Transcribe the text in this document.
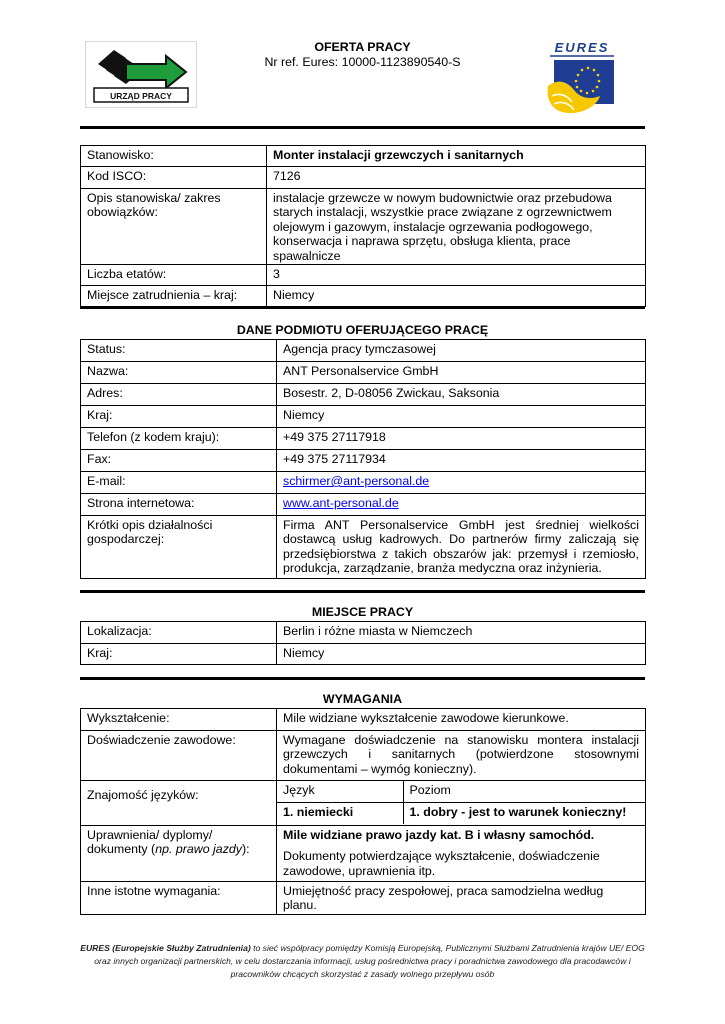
URZĄD PRACY
OFERTA PRACY
Nr ref. Eures: 10000-1123890540-S
EURES
Stanowisko:	Monter instalacji grzewczych i sanitarnych
Kod ISCO:	7126
Opis stanowiska/ zakres obowiązków:	instalacje grzewcze w nowym budownictwie oraz przebudowa starych instalacji, wszystkie prace związane z ogrzewnictwem olejowym i gazowym, instalacje ogrzewania podłogowego, konserwacja i naprawa sprzętu, obsługa klienta, prace spawalnicze
Liczba etatów:	3
Miejsce zatrudnienia – kraj:	Niemcy
DANE PODMIOTU OFERUJĄCEGO PRACĘ
Status:	Agencja pracy tymczasowej
Nazwa:	ANT Personalservice GmbH
Adres:	Bosestr. 2, D-08056 Zwickau, Saksonia
Kraj:	Niemcy
Telefon (z kodem kraju):	+49 375 27117918
Fax:	+49 375 27117934
E-mail:	schirmer@ant-personal.de
Strona internetowa:	www.ant-personal.de
Krótki opis działalności gospodarczej:	Firma ANT Personalservice GmbH jest średniej wielkości dostawcą usług kadrowych. Do partnerów firmy zaliczają się przedsiębiorstwa z takich obszarów jak: przemysł i rzemiosło, produkcja, zarządzanie, branża medyczna oraz inżynieria.
MIEJSCE PRACY
Lokalizacja:	Berlin i różne miasta w Niemczech
Kraj:	Niemcy
WYMAGANIA
Wykształcenie:	Mile widziane wykształcenie zawodowe kierunkowe.
Doświadczenie zawodowe:	Wymagane doświadczenie na stanowisku montera instalacji grzewczych i sanitarnych (potwierdzone stosownymi dokumentami – wymóg konieczny).
Znajomość języków:		Język	Poziom
1. niemiecki	1. dobry - jest to warunek konieczny!

Uprawnienia/ dyplomy/ dokumenty (np. prawo jazdy):	
Mile widziane prawo jazdy kat. B i własny samochód.
Dokumenty potwierdzające wykształcenie, doświadczenie zawodowe, uprawnienia itp.

Inne istotne wymagania:	Umiejętność pracy zespołowej, praca samodzielna według planu.
EURES (Europejskie Służby Zatrudnienia) to sieć współpracy pomiędzy Komisją Europejską, Publicznymi Służbami Zatrudnienia krajów UE/ EOG
oraz innych organizacji partnerskich, w celu dostarczania informacji, usług pośrednictwa pracy i poradnictwa zawodowego dla pracodawców i
pracowników chcących skorzystać z zasady wolnego przepływu osób
